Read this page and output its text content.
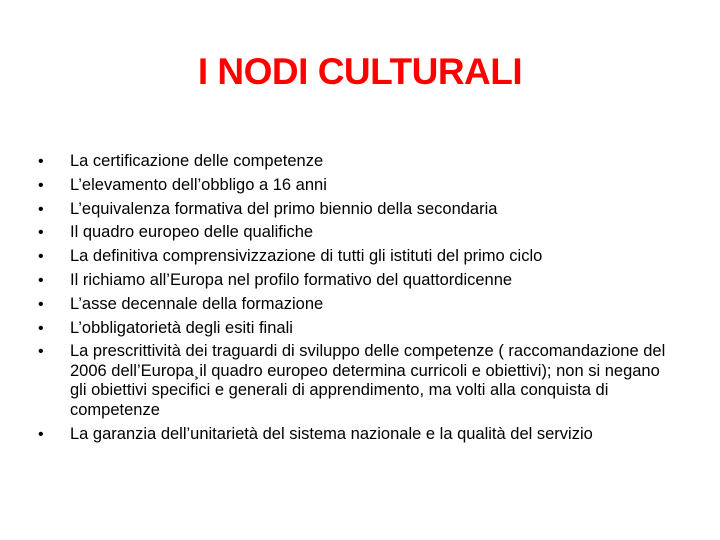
I NODI CULTURALI
•	La certificazione delle competenze
•	L’elevamento dell’obbligo a 16 anni
•	L’equivalenza formativa del primo biennio della secondaria
•	Il quadro europeo delle qualifiche
•	La definitiva comprensivizzazione di tutti gli istituti del primo ciclo
•	Il richiamo all’Europa nel profilo formativo del quattordicenne
•	L’asse decennale della formazione
•	L’obbligatorietà degli esiti finali
•	La prescrittività dei traguardi di sviluppo delle competenze ( raccomandazione del 2006 dell’Europa¸il quadro europeo determina curricoli e obiettivi); non si negano gli obiettivi specifici e generali di apprendimento, ma volti alla conquista di competenze
•	La garanzia dell’unitarietà del sistema nazionale e la qualità del servizio
